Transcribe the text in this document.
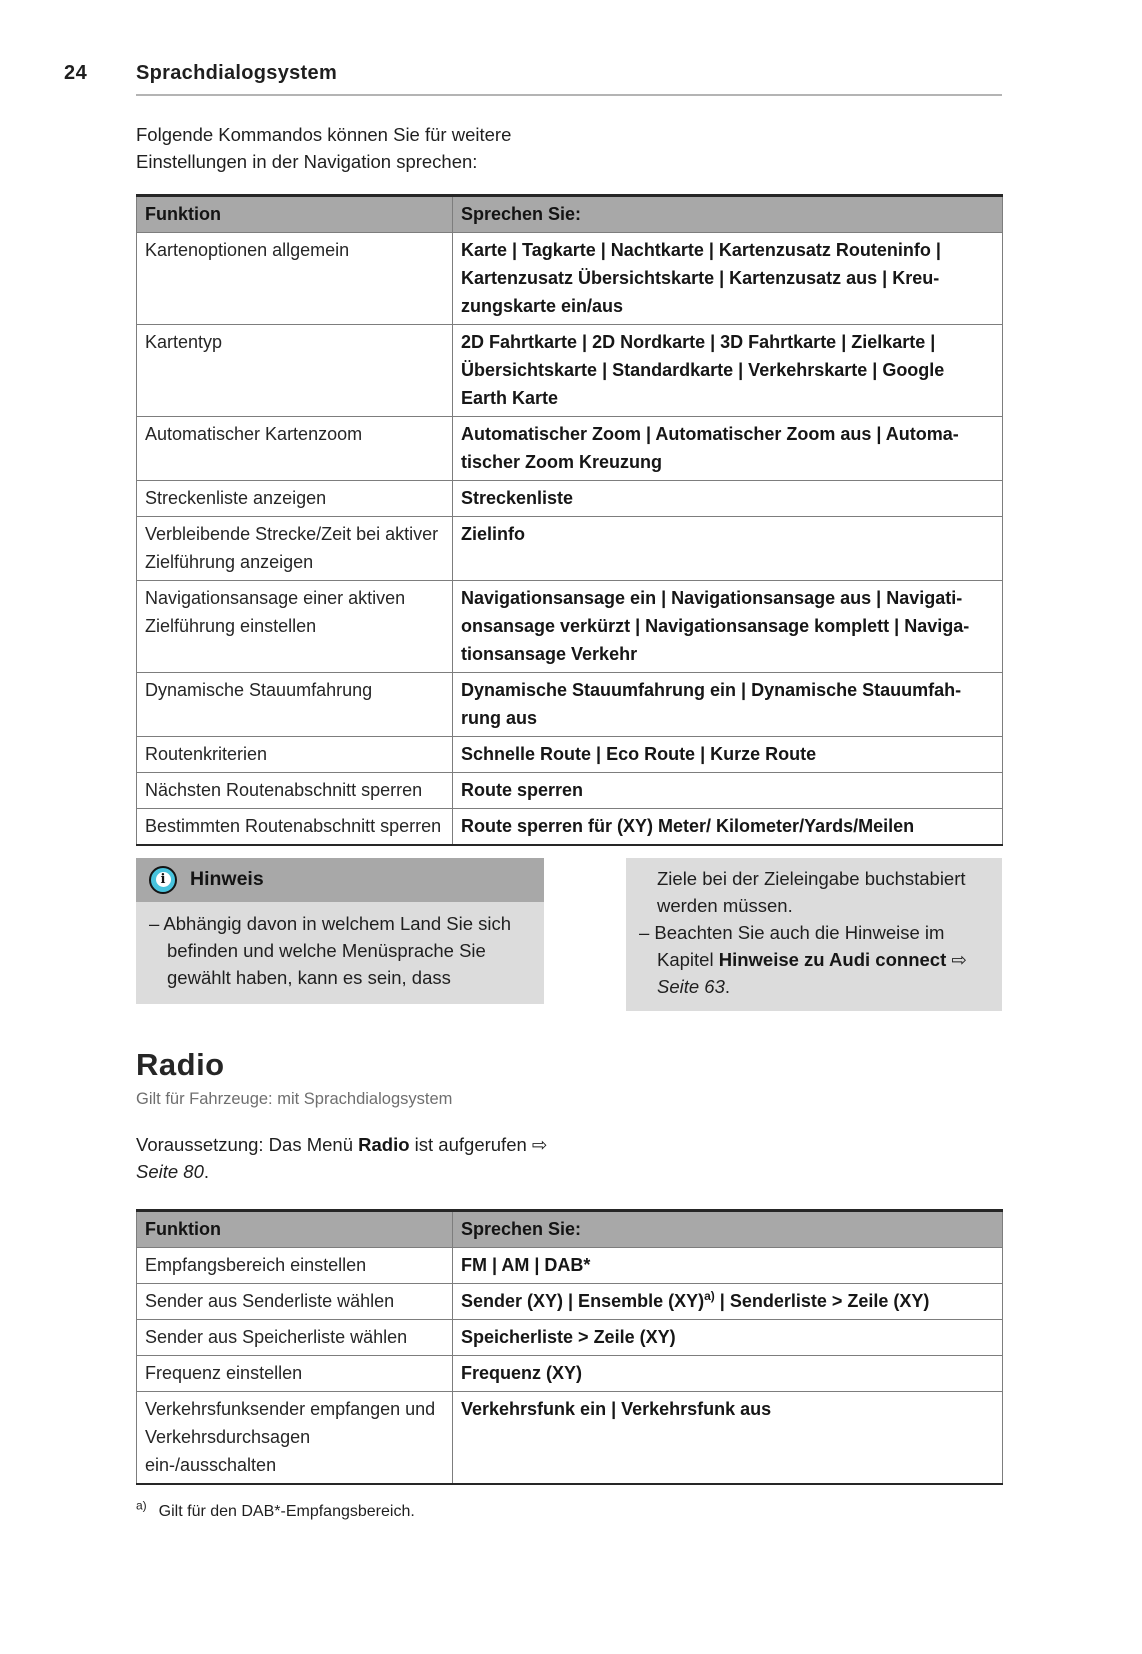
24 Sprachdialogsystem

Folgende Kommandos können Sie für weitere Einstellungen in der Navigation sprechen:

Funktion	Sprechen Sie:
Kartenoptionen allgemein	Karte | Tagkarte | Nachtkarte | Kartenzusatz Routeninfo | Kartenzusatz Übersichtskarte | Kartenzusatz aus | Kreuzungskarte ein/aus
Kartentyp	2D Fahrtkarte | 2D Nordkarte | 3D Fahrtkarte | Zielkarte | Übersichtskarte | Standardkarte | Verkehrskarte | Google Earth Karte
Automatischer Kartenzoom	Automatischer Zoom | Automatischer Zoom aus | Automatischer Zoom Kreuzung
Streckenliste anzeigen	Streckenliste
Verbleibende Strecke/Zeit bei aktiver Zielführung anzeigen	Zielinfo
Navigationsansage einer aktiven Zielführung einstellen	Navigationsansage ein | Navigationsansage aus | Navigationsansage verkürzt | Navigationsansage komplett | Navigationsansage Verkehr
Dynamische Stauumfahrung	Dynamische Stauumfahrung ein | Dynamische Stauumfahrung aus
Routenkriterien	Schnelle Route | Eco Route | Kurze Route
Nächsten Routenabschnitt sperren	Route sperren
Bestimmten Routenabschnitt sperren	Route sperren für (XY) Meter/ Kilometer/Yards/Meilen
i Hinweis

– Abhängig davon in welchem Land Sie sich befinden und welche Menüsprache Sie gewählt haben, kann es sein, dass

Ziele bei der Zieleingabe buchstabiert werden müssen.

– Beachten Sie auch die Hinweise im Kapitel Hinweise zu Audi connect ⇨ Seite 63.

Radio
Gilt für Fahrzeuge: mit Sprachdialogsystem

Voraussetzung: Das Menü Radio ist aufgerufen ⇨ Seite 80.

Funktion	Sprechen Sie:
Empfangsbereich einstellen	FM | AM | DAB*
Sender aus Senderliste wählen	Sender (XY) | Ensemble (XY)$^{a)}$ | Senderliste > Zeile (XY)
Sender aus Speicherliste wählen	Speicherliste > Zeile (XY)
Frequenz einstellen	Frequenz (XY)
Verkehrsfunksender empfangen und Verkehrsdurchsagen ein-/ausschalten	Verkehrsfunk ein | Verkehrsfunk aus
$^{a)}$ Gilt für den DAB*-Empfangsbereich.
